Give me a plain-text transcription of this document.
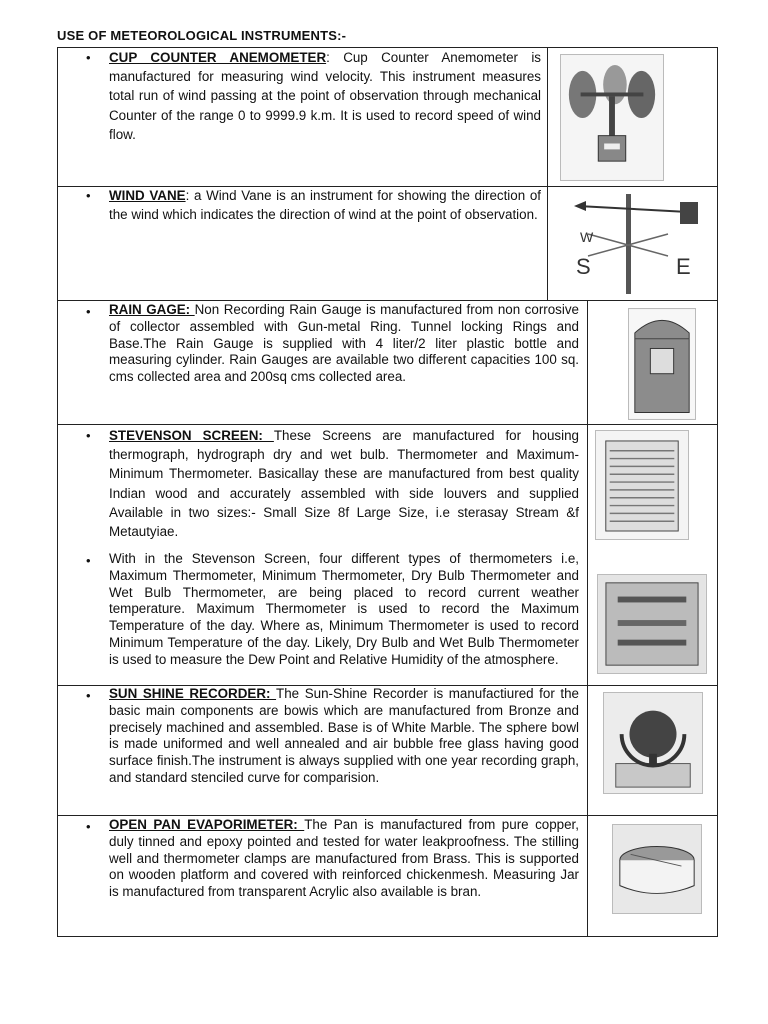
USE OF METEOROLOGICAL INSTRUMENTS:-
• CUP COUNTER ANEMOMETER: Cup Counter Anemometer is manufactured for measuring wind velocity. This instrument measures total run of wind passing at the point of observation through mechanical Counter of the range 0 to 9999.9 k.m. It is used to record speed of wind flow.
• WIND VANE: a Wind Vane is an instrument for showing the direction of the wind which indicates the direction of wind at the point of observation.
W
S	E
• RAIN GAGE: Non Recording Rain Gauge is manufactured from non corrosive of collector assembled with Gun-metal Ring. Tunnel locking Rings and Base.The Rain Gauge is supplied with 4 liter/2 liter plastic bottle and measuring cylinder. Rain Gauges are available two different capacities 100 sq. cms collected area and 200sq cms collected area.
• STEVENSON SCREEN: These Screens are manufactured for housing thermograph, hydrograph dry and wet bulb. Thermometer and Maximum-Minimum Thermometer. Basicallay these are manufactured from best quality Indian wood and accurately assembled with side louvers and supplied Available in two sizes:- Small Size 8f Large Size, i.e sterasay Stream &f Metautyiae.
• With in the Stevenson Screen, four different types of thermometers i.e, Maximum Thermometer, Minimum Thermometer, Dry Bulb Thermometer and Wet Bulb Thermometer, are being placed to record current weather temperature. Maximum Thermometer is used to record the Maximum Temperature of the day. Where as, Minimum Thermometer is used to record Minimum Temperature of the day. Likely, Dry Bulb and Wet Bulb Thermometer is used to measure the Dew Point and Relative Humidity of the atmosphere.
• SUN SHINE RECORDER: The Sun-Shine Recorder is manufactiured for the basic main components are bowis which are manufactured from Bronze and precisely machined and assembled. Base is of White Marble. The sphere bowl is made uniformed and well annealed and air bubble free glass having good surface finish.The instrument is always supplied with one year recording graph, and standard stenciled curve for comparision.
• OPEN PAN EVAPORIMETER: The Pan is manufactured from pure copper, duly tinned and epoxy pointed and tested for water leakproofness. The stilling well and thermometer clamps are manufactured from Brass. This is supported on wooden platform and covered with reinforced chickenmesh. Measuring Jar is manufactured from transparent Acrylic also available is bran.
